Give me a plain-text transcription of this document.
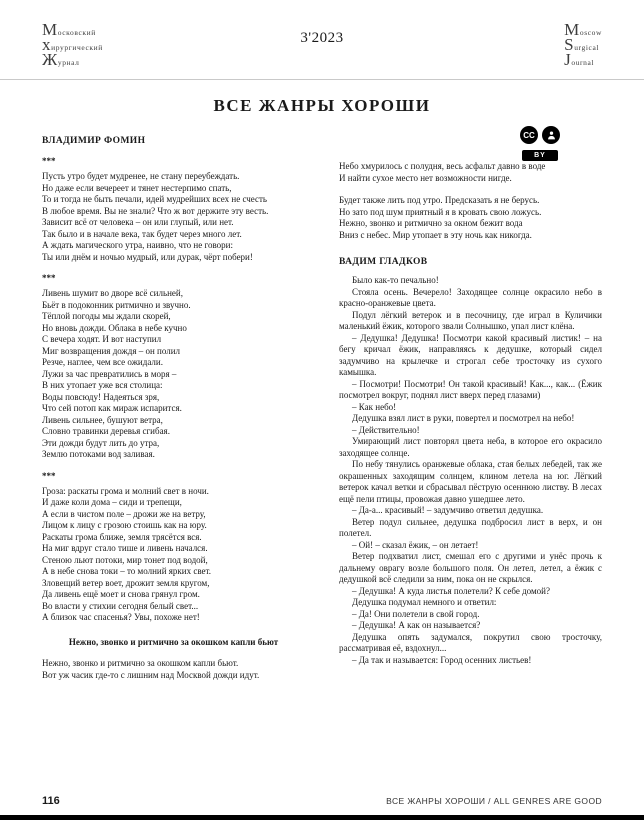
Московский
хирургический
Журнал
3'2023	Moscow
Surgical
Journal
ВСЕ ЖАНРЫ ХОРОШИ
CC
BY
ВЛАДИМИР ФОМИН
***
Пусть утро будет мудренее, не стану переубеждать.
Но даже если вечереет и тянет нестерпимо спать,
То и тогда не быть печали, идей мудрейших всех не счесть
В любое время. Вы не знали? Что ж вот держите эту весть.
Зависит всё от человека – он или глупый, или нет.
Так было и в начале века, так будет через много лет.
А ждать магического утра, наивно, что не говори:
Ты или днём и ночью мудрый, или дурак, чёрт побери!
***
Ливень шумит во дворе всё сильней,
Бьёт в подоконник ритмично и звучно.
Тёплой погоды мы ждали скорей,
Но вновь дожди. Облака в небе кучно
С вечера ходят. И вот наступил
Миг возвращения дождя – он полил
Резче, наглее, чем все ожидали.
Лужи за час превратились в моря –
В них утопает уже вся столица:
Воды повсюду! Надеяться зря,
Что сей потоп как мираж испарится.
Ливень сильнее, бушуют ветра,
Словно травинки деревья сгибая.
Эти дожди будут лить до утра,
Землю потоками вод заливая.
***
Гроза: раскаты грома и молний свет в ночи.
И даже коли дома – сиди и трепещи,
А если в чистом поле – дрожи же на ветру,
Лицом к лицу с грозою стоишь как на юру.
Раскаты грома ближе, земля трясётся вся.
На миг вдруг стало тише и ливень начался.
Стеною льют потоки, мир тонет под водой,
А в небе снова токи – то молний ярких свет.
Зловещий ветер воет, дрожит земля кругом,
Да ливень ещё моет и снова грянул гром.
Во власти у стихии сегодня белый свет...
А близок час спасенья? Увы, похоже нет!
Нежно, звонко и ритмично за окошком капли бьют
Нежно, звонко и ритмично за окошком капли бьют.
Вот уж часик где-то с лишним над Москвой дожди идут.
Небо хмурилось с полудня, весь асфальт давно в воде
И найти сухое место нет возможности нигде.
Будет также лить под утро. Предсказать я не берусь.
Но зато под шум приятный я в кровать свою ложусь.
Нежно, звонко и ритмично за окном бежит вода
Вниз с небес. Мир утопает в эту ночь как никогда.
ВАДИМ ГЛАДКОВ
Было как-то печально!
Стояла осень. Вечерело! Заходящее солнце окрасило небо в красно-оранжевые цвета.
Подул лёгкий ветерок и в песочницу, где играл в Куличики маленький ёжик, которого звали Солнышко, упал лист клёна.
– Дедушка! Дедушка! Посмотри какой красивый листик! – на бегу кричал ёжик, направляясь к дедушке, который сидел задумчиво на крылечке и строгал себе тросточку из сухого камышка.
– Посмотри! Посмотри! Он такой красивый! Как..., как... (Ёжик посмотрел вокруг, поднял лист вверх перед глазами)
– Как небо!
Дедушка взял лист в руки, повертел и посмотрел на небо!
– Действительно!
Умирающий лист повторял цвета неба, в которое его окрасило заходящее солнце.
По небу тянулись оранжевые облака, стая белых лебедей, так же окрашенных заходящим солнцем, клином летела на юг. Лёгкий ветерок качал ветки и сбрасывал пёструю осеннюю листву. В лесах ещё пели птицы, провожая давно ушедшее лето.
– Да-а... красивый! – задумчиво ответил дедушка.
Ветер подул сильнее, дедушка подбросил лист в верх, и он полетел.
– Ой! – сказал ёжик, – он летает!
Ветер подхватил лист, смешал его с другими и унёс прочь к дальнему оврагу возле большого поля. Он летел, летел, а ёжик с дедушкой всё следили за ним, пока он не скрылся.
– Дедушка! А куда листья полетели? К себе домой?
Дедушка подумал немного и ответил:
– Да! Они полетели в свой город.
– Дедушка! А как он называется?
Дедушка опять задумался, покрутил свою тросточку, рассматривая её, вздохнул...
– Да так и называется: Город осенних листьев!
116	ВСЕ ЖАНРЫ ХОРОШИ / ALL GENRES ARE GOOD
